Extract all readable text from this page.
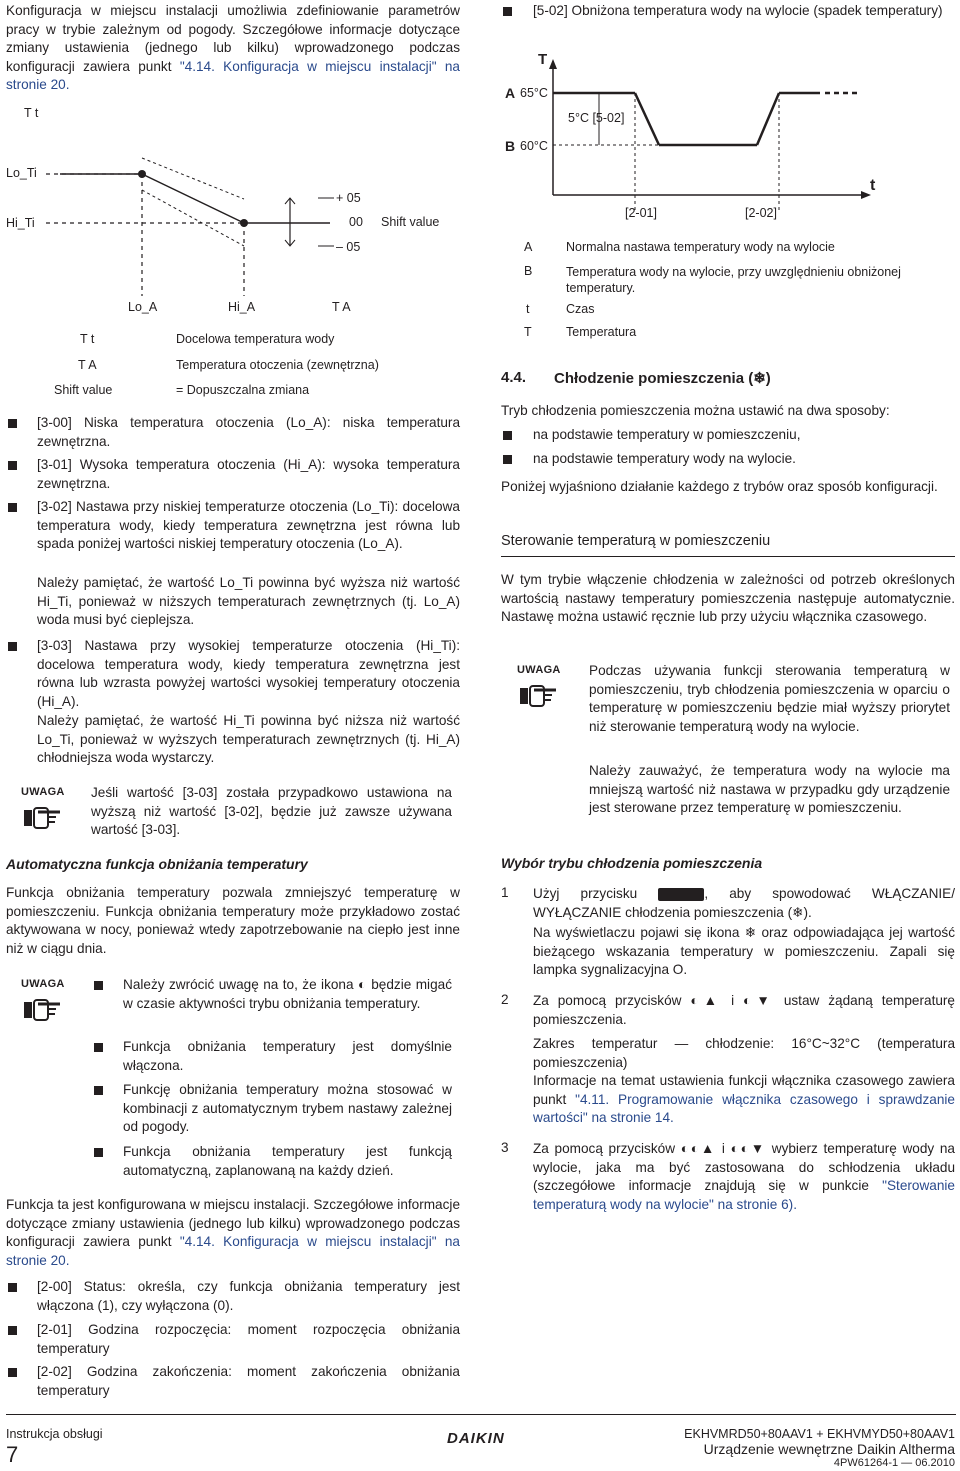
Konfiguracja w miejscu instalacji umożliwia zdefiniowanie parametrów pracy w trybie zależnym od pogody. Szczegółowe informacje dotyczące zmiany ustawienia (jednego lub kilku) wprowadzonego podczas konfiguracji zawiera punkt "4.14. Konfiguracja w miejscu instalacji" na stronie 20.

T t
Lo_Ti
Hi_Ti
+ 05
00
– 05
Shift value
Lo_A	Hi_A	T A
T t	Docelowa temperatura wody
T A	Temperatura otoczenia (zewnętrzna)
Shift value	= Dopuszczalna zmiana

[3-00] Niska temperatura otoczenia (Lo_A): niska temperatura zewnętrzna.

[3-01] Wysoka temperatura otoczenia (Hi_A): wysoka temperatura zewnętrzna.

[3-02] Nastawa przy niskiej temperaturze otoczenia (Lo_Ti): docelowa temperatura wody, kiedy temperatura zewnętrzna jest równa lub spada poniżej wartości niskiej temperatury otoczenia (Lo_A).

Należy pamiętać, że wartość Lo_Ti powinna być wyższa niż wartość Hi_Ti, ponieważ w niższych temperaturach zewnętrznych (tj. Lo_A) woda musi być cieplejsza.

[3-03] Nastawa przy wysokiej temperaturze otoczenia (Hi_Ti): docelowa temperatura wody, kiedy temperatura zewnętrzna jest równa lub wzrasta powyżej wartości wysokiej temperatury otoczenia (Hi_A).

Należy pamiętać, że wartość Hi_Ti powinna być niższa niż wartość Lo_Ti, ponieważ w wyższych temperaturach zewnętrznych (tj. Hi_A) chłodniejsza woda wystarczy.

UWAGA Jeśli wartość [3-03] została przypadkowo ustawiona na wyższą niż wartość [3-02], będzie już zawsze używana wartość [3-03].

Automatyczna funkcja obniżania temperatury

Funkcja obniżania temperatury pozwala zmniejszyć temperaturę w pomieszczeniu. Funkcja obniżania temperatury może przykładowo zostać aktywowana w nocy, ponieważ wtedy zapotrzebowanie na ciepło jest inne niż w ciągu dnia.

UWAGA	Należy zwrócić uwagę na to, że ikona ◐ będzie migać w czasie aktywności trybu obniżania temperatury.

Funkcja obniżania temperatury jest domyślnie włączona.

Funkcję obniżania temperatury można stosować w kombinacji z automatycznym trybem nastawy zależnej od pogody.

Funkcja obniżania temperatury jest funkcją automatyczną, zaplanowaną na każdy dzień.

Funkcja ta jest konfigurowana w miejscu instalacji. Szczegółowe informacje dotyczące zmiany ustawienia (jednego lub kilku) wprowadzonego podczas konfiguracji zawiera punkt "4.14. Konfiguracja w miejscu instalacji" na stronie 20.

[2-00] Status: określa, czy funkcja obniżania temperatury jest włączona (1), czy wyłączona (0).

[2-01] Godzina rozpoczęcia: moment rozpoczęcia obniżania temperatury

[2-02] Godzina zakończenia: moment zakończenia obniżania temperatury

[5-02] Obniżona temperatura wody na wylocie (spadek temperatury)

T
A 65°C
B 60°C
5°C [5-02]
t
[2-01]	[2-02]
A	Normalna nastawa temperatury wody na wylocie
B	Temperatura wody na wylocie, przy uwzględnieniu obniżonej temperatury.
t	Czas
T	Temperatura
4.4. Chłodzenie pomieszczenia (❄)

Tryb chłodzenia pomieszczenia można ustawić na dwa sposoby:

na podstawie temperatury w pomieszczeniu,

na podstawie temperatury wody na wylocie.

Poniżej wyjaśniono działanie każdego z trybów oraz sposób konfiguracji.

Sterowanie temperaturą w pomieszczeniu

W tym trybie włączenie chłodzenia w zależności od potrzeb określonych wartością nastawy temperatury pomieszczenia następuje automatycznie. Nastawę można ustawić ręcznie lub przy użyciu włącznika czasowego.

UWAGA Podczas używania funkcji sterowania temperaturą w pomieszczeniu, tryb chłodzenia pomieszczenia w oparciu o temperaturę w pomieszczeniu będzie miał wyższy priorytet niż sterowanie temperaturą wody na wylocie.

Należy zauważyć, że temperatura wody na wylocie ma mniejszą wartość niż nastawa w przypadku gdy urządzenie jest sterowane przez temperaturę w pomieszczeniu.

Wybór trybu chłodzenia pomieszczenia
1 Użyj przycisku	, aby spowodować WŁĄCZANIE/ WYŁĄCZANIE chłodzenia pomieszczenia (❄).

Na wyświetlaczu pojawi się ikona ❄ oraz odpowiadająca jej wartość bieżącego wskazania temperatury w pomieszczeniu. Zapali się lampka sygnalizacyjna O.

2 Za pomocą przycisków ◐▲ i ◐▼ ustaw żądaną temperaturę pomieszczenia.

Zakres temperatur — chłodzenie: 16°C~32°C (temperatura pomieszczenia)

Informacje na temat ustawienia funkcji włącznika czasowego zawiera punkt "4.11. Programowanie włącznika czasowego i sprawdzanie wartości" na stronie 14.

3 Za pomocą przycisków ◐◐▲ i ◐◐▼ wybierz temperaturę wody na wylocie, jaka ma być zastosowana do schłodzenia układu (szczegółowe informacje znajdują się w punkcie "Sterowanie temperaturą wody na wylocie" na stronie 6).

Instrukcja obsługi
7
DAIKIN	EKHVMRD50+80AAV1 + EKHVMYD50+80AAV1
Urządzenie wewnętrzne Daikin Altherma
4PW61264-1 — 06.2010
